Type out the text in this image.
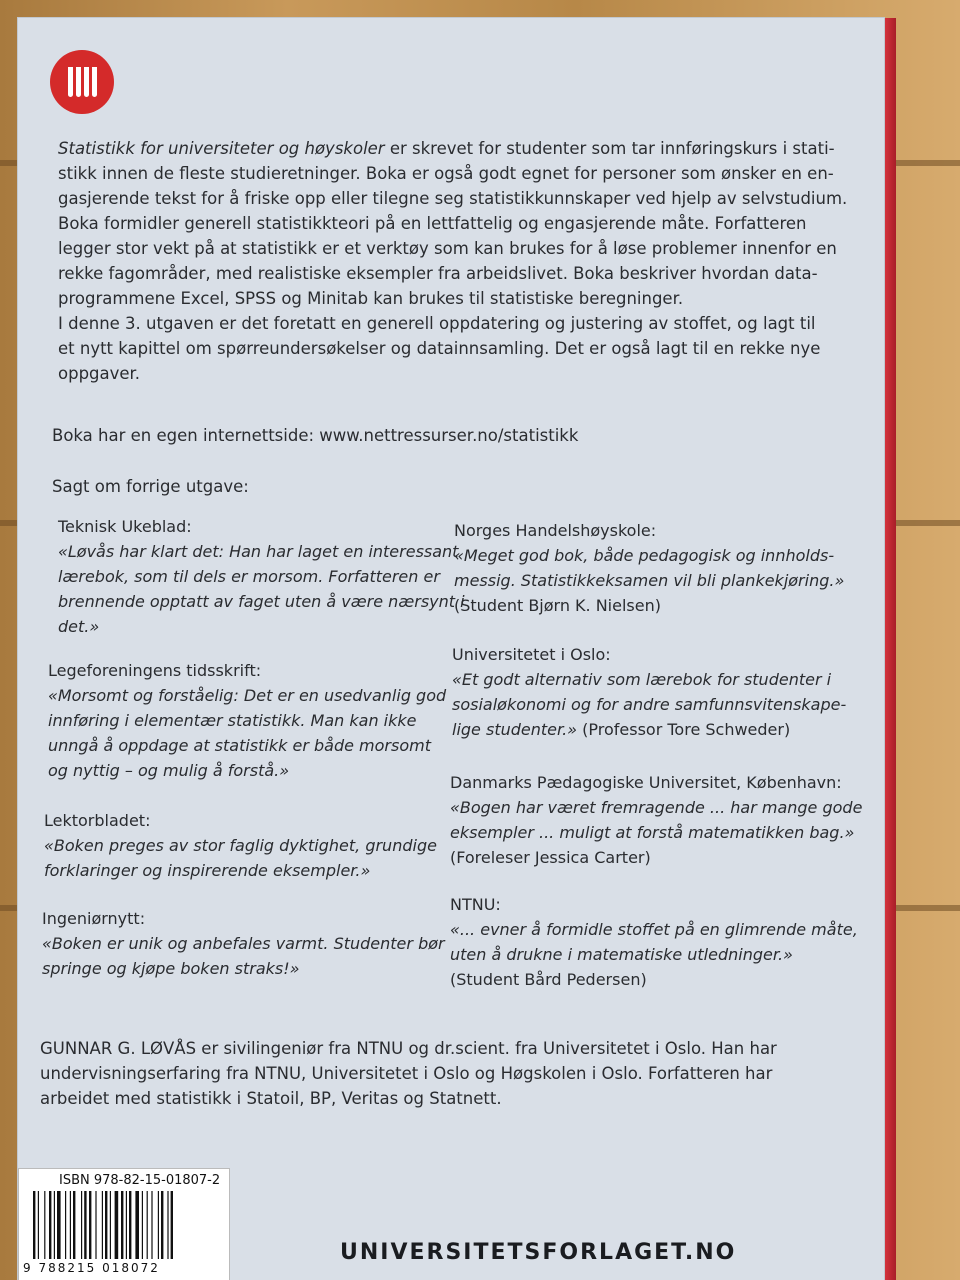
Statistikk for universiteter og høyskoler er skrevet for studenter som tar innføringskurs i stati-
stikk innen de fleste studieretninger. Boka er også godt egnet for personer som ønsker en en-
gasjerende tekst for å friske opp eller tilegne seg statistikkunnskaper ved hjelp av selvstudium.
Boka formidler generell statistikkteori på en lettfattelig og engasjerende måte. Forfatteren
legger stor vekt på at statistikk er et verktøy som kan brukes for å løse problemer innenfor en
rekke fagområder, med realistiske eksempler fra arbeidslivet. Boka beskriver hvordan data-
programmene Excel, SPSS og Minitab kan brukes til statistiske beregninger.
I denne 3. utgaven er det foretatt en generell oppdatering og justering av stoffet, og lagt til
et nytt kapittel om spørreundersøkelser og datainnsamling. Det er også lagt til en rekke nye
oppgaver.
Boka har en egen internettside: www.nettressurser.no/statistikk
Sagt om forrige utgave:
Teknisk Ukeblad:
«Løvås har klart det: Han har laget en interessant
lærebok, som til dels er morsom. Forfatteren er
brennende opptatt av faget uten å være nærsynt i
det.»
Legeforeningens tidsskrift:
«Morsomt og forståelig: Det er en usedvanlig god
innføring i elementær statistikk. Man kan ikke
unngå å oppdage at statistikk er både morsomt
og nyttig – og mulig å forstå.»
Lektorbladet:
«Boken preges av stor faglig dyktighet, grundige
forklaringer og inspirerende eksempler.»
Ingeniørnytt:
«Boken er unik og anbefales varmt. Studenter bør
springe og kjøpe boken straks!»
Norges Handelshøyskole:
«Meget god bok, både pedagogisk og innholds-
messig. Statistikkeksamen vil bli plankekjøring.»
(Student Bjørn K. Nielsen)
Universitetet i Oslo:
«Et godt alternativ som lærebok for studenter i
sosialøkonomi og for andre samfunnsvitenskape-
lige studenter.» (Professor Tore Schweder)
Danmarks Pædagogiske Universitet, København:
«Bogen har været fremragende ... har mange gode
eksempler ... muligt at forstå matematikken bag.»
(Foreleser Jessica Carter)
NTNU:
«... evner å formidle stoffet på en glimrende måte,
uten å drukne i matematiske utledninger.»
(Student Bård Pedersen)
GUNNAR G. LØVÅS er sivilingeniør fra NTNU og dr.scient. fra Universitetet i Oslo. Han har
undervisningserfaring fra NTNU, Universitetet i Oslo og Høgskolen i Oslo. Forfatteren har
arbeidet med statistikk i Statoil, BP, Veritas og Statnett.
ISBN 978-82-15-01807-2
9 788215 018072
UNIVERSITETSFORLAGET.NO
